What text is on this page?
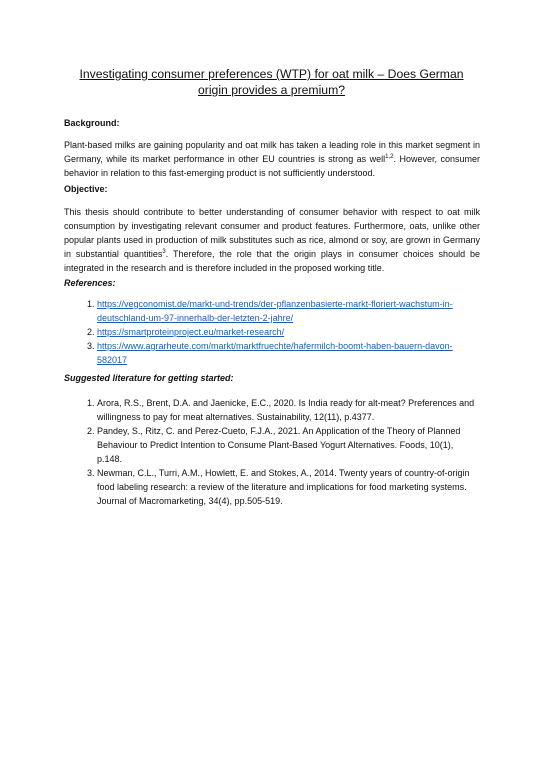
Investigating consumer preferences (WTP) for oat milk – Does German origin provides a premium?
Background:

Plant-based milks are gaining popularity and oat milk has taken a leading role in this market segment in Germany, while its market performance in other EU countries is strong as well$^{1,2}$. However, consumer behavior in relation to this fast-emerging product is not sufficiently understood.

Objective:

This thesis should contribute to better understanding of consumer behavior with respect to oat milk consumption by investigating relevant consumer and product features. Furthermore, oats, unlike other popular plants used in production of milk substitutes such as rice, almond or soy, are grown in Germany in substantial quantities$^3$. Therefore, the role that the origin plays in consumer choices should be integrated in the research and is therefore included in the proposed working title.

References:
1. https://vegconomist.de/markt-und-trends/der-pflanzenbasierte-markt-floriert-wachstum-in-deutschland-um-97-innerhalb-der-letzten-2-jahre/
2. https://smartproteinproject.eu/market-research/
3. https://www.agrarheute.com/markt/marktfruechte/hafermilch-boomt-haben-bauern-davon-582017
Suggested literature for getting started:
1. Arora, R.S., Brent, D.A. and Jaenicke, E.C., 2020. Is India ready for alt-meat? Preferences and willingness to pay for meat alternatives. Sustainability, 12(11), p.4377.
2. Pandey, S., Ritz, C. and Perez-Cueto, F.J.A., 2021. An Application of the Theory of Planned Behaviour to Predict Intention to Consume Plant-Based Yogurt Alternatives. Foods, 10(1), p.148.
3. Newman, C.L., Turri, A.M., Howlett, E. and Stokes, A., 2014. Twenty years of country-of-origin food labeling research: a review of the literature and implications for food marketing systems. Journal of Macromarketing, 34(4), pp.505-519.
